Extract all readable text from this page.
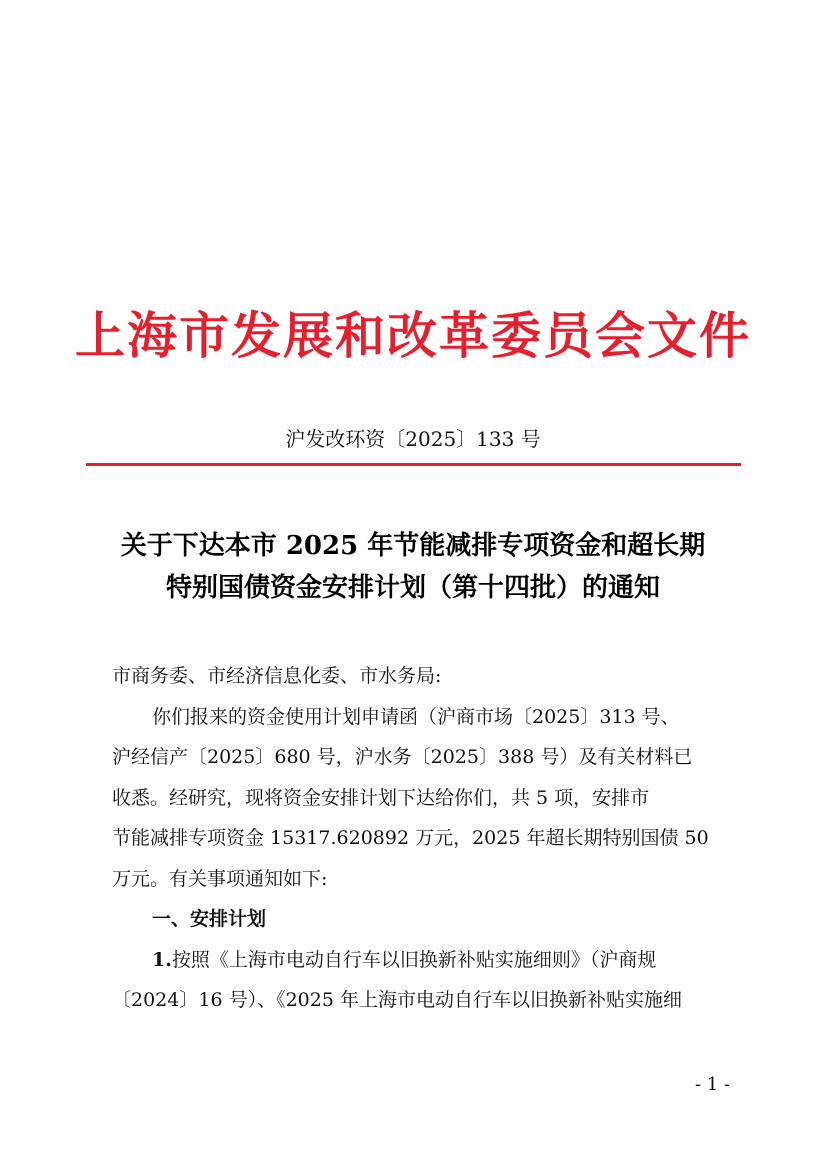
上海市发展和改革委员会文件
沪发改环资〔2025〕133 号
关于下达本市 2025 年节能减排专项资金和超长期
特别国债资金安排计划（第十四批）的通知

市商务委、市经济信息化委、市水务局:

你们报来的资金使用计划申请函（沪商市场〔2025〕313 号、
沪经信产〔2025〕680 号，沪水务〔2025〕388 号）及有关材料已
收悉。经研究，现将资金安排计划下达给你们，共 5 项，安排市
节能减排专项资金 15317.620892 万元，2025 年超长期特别国债 50
万元。有关事项通知如下:

一、安排计划

1.按照《上海市电动自行车以旧换新补贴实施细则》（沪商规
〔2024〕16 号）、《2025 年上海市电动自行车以旧换新补贴实施细

- 1 -
